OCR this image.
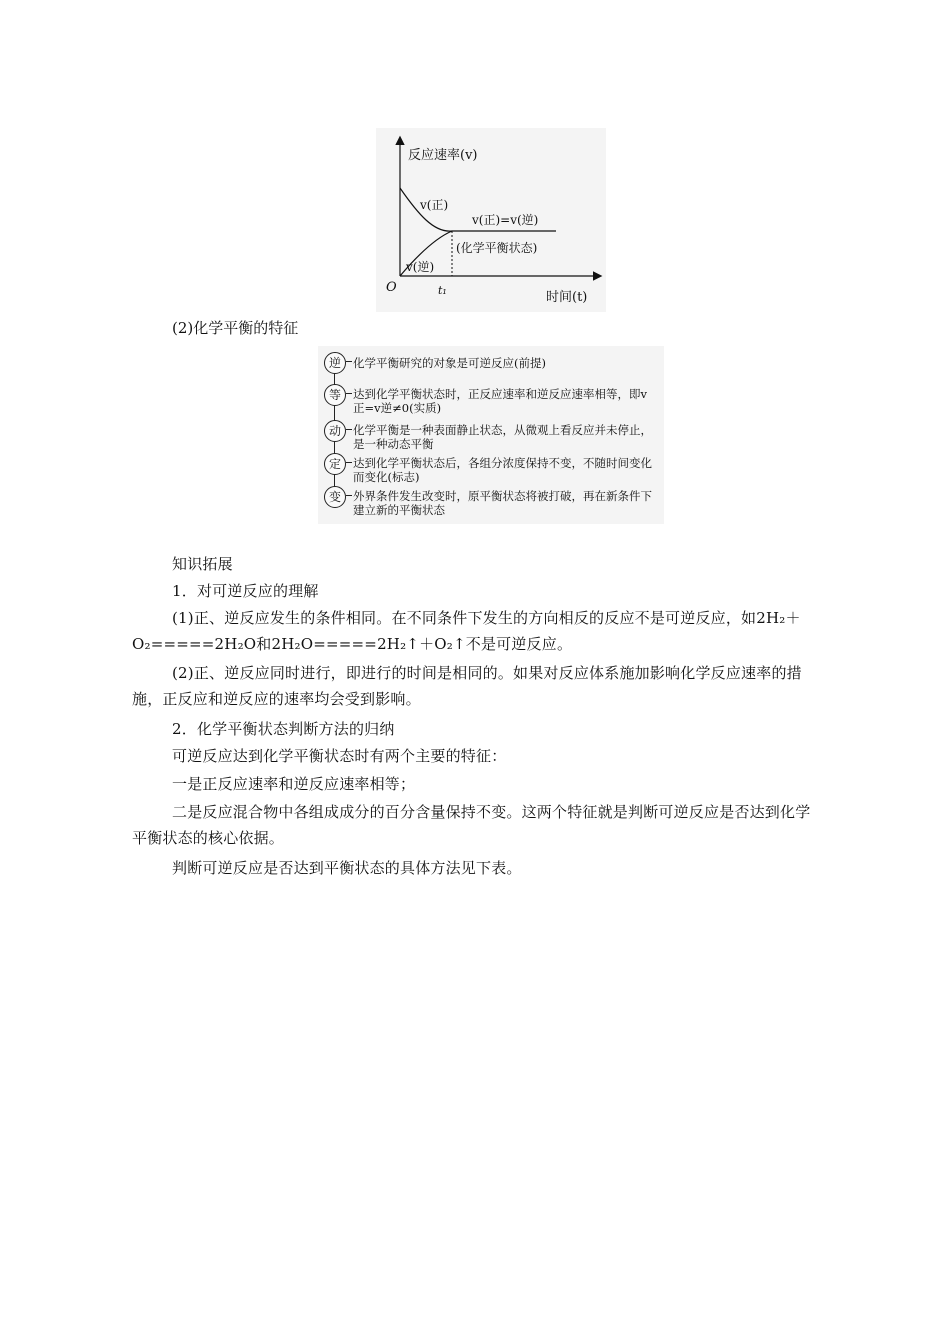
反应速率(v)
时间(t)
O	t₁
v(正)
v(逆)
v(正)=v(逆)
(化学平衡状态)
(2)化学平衡的特征
逆	化学平衡研究的对象是可逆反应(前提)
等	达到化学平衡状态时，正反应速率和逆反应速率相等，即v正=v逆≠0(实质)
动	化学平衡是一种表面静止状态，从微观上看反应并未停止，是一种动态平衡
定	达到化学平衡状态后，各组分浓度保持不变，不随时间变化而变化(标志)
变	外界条件发生改变时，原平衡状态将被打破，再在新条件下建立新的平衡状态
知识拓展
1．对可逆反应的理解
(1)正、逆反应发生的条件相同。在不同条件下发生的方向相反的反应不是可逆反应，如2H₂＋O₂=====2H₂O和2H₂O=====2H₂↑＋O₂↑不是可逆反应。
(2)正、逆反应同时进行，即进行的时间是相同的。如果对反应体系施加影响化学反应速率的措施，正反应和逆反应的速率均会受到影响。
2．化学平衡状态判断方法的归纳
可逆反应达到化学平衡状态时有两个主要的特征：
一是正反应速率和逆反应速率相等；
二是反应混合物中各组成成分的百分含量保持不变。这两个特征就是判断可逆反应是否达到化学平衡状态的核心依据。
判断可逆反应是否达到平衡状态的具体方法见下表。
